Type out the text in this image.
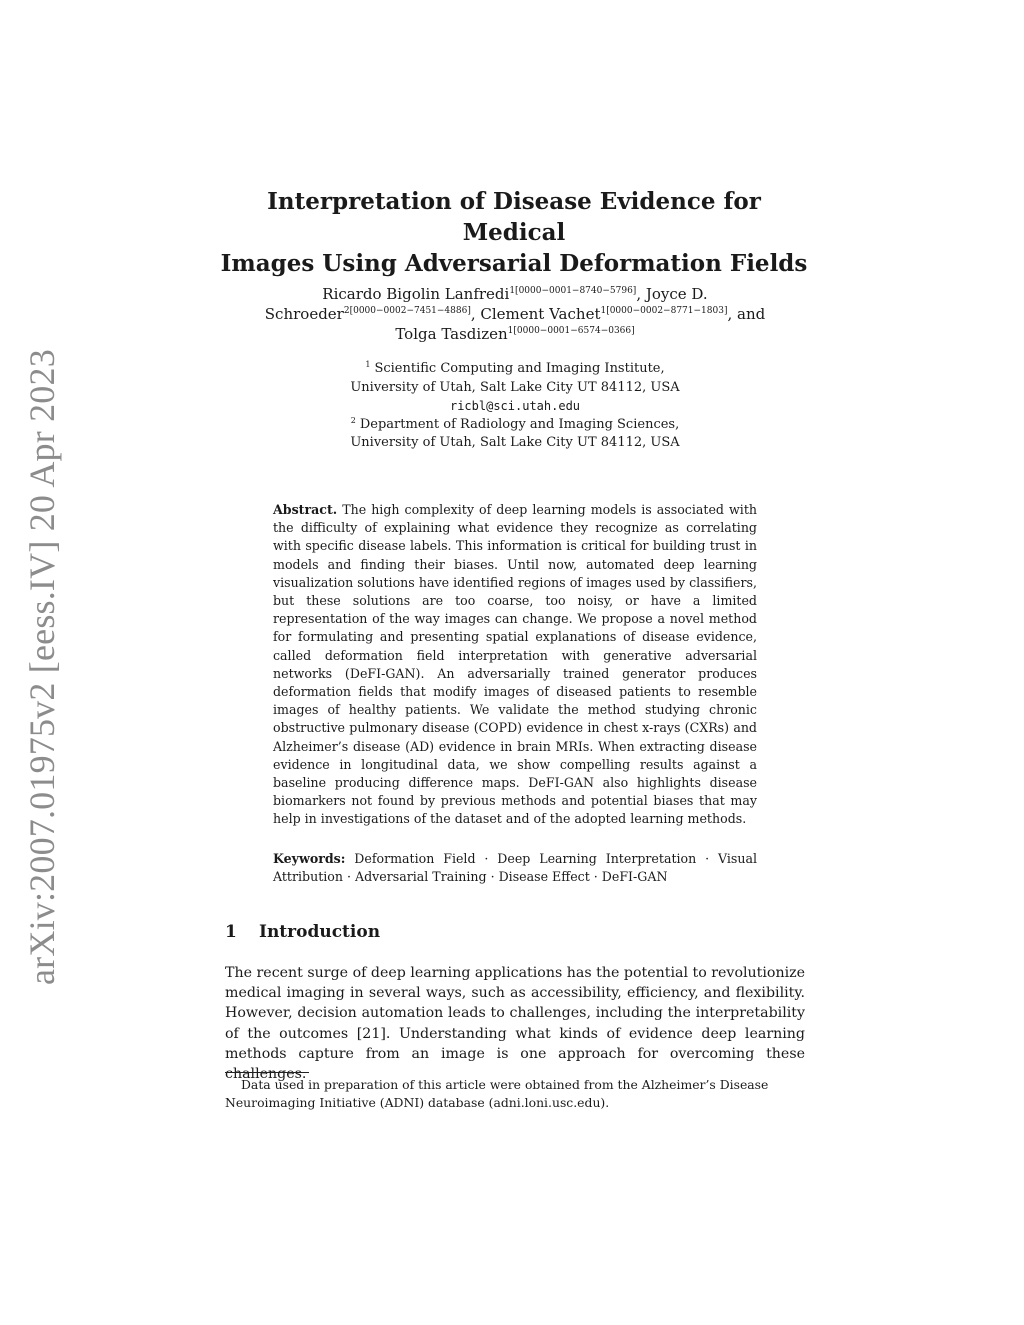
arXiv:2007.01975v2 [eess.IV] 20 Apr 2023
Interpretation of Disease Evidence for Medical
Images Using Adversarial Deformation Fields
Ricardo Bigolin Lanfredi$^{1[0000-0001-8740-5796]}$, Joyce D.
Schroeder$^{2[0000-0002-7451-4886]}$, Clement Vachet$^{1[0000-0002-8771-1803]}$, and
Tolga Tasdizen$^{1[0000-0001-6574-0366]}$
$^1$ Scientific Computing and Imaging Institute,
University of Utah, Salt Lake City UT 84112, USA
ricbl@sci.utah.edu
$^2$ Department of Radiology and Imaging Sciences,
University of Utah, Salt Lake City UT 84112, USA
Abstract. The high complexity of deep learning models is associated with the difficulty of explaining what evidence they recognize as correlating with specific disease labels. This information is critical for building trust in models and finding their biases. Until now, automated deep learning visualization solutions have identified regions of images used by classifiers, but these solutions are too coarse, too noisy, or have a limited representation of the way images can change. We propose a novel method for formulating and presenting spatial explanations of disease evidence, called deformation field interpretation with generative adversarial networks (DeFI-GAN). An adversarially trained generator produces deformation fields that modify images of diseased patients to resemble images of healthy patients. We validate the method studying chronic obstructive pulmonary disease (COPD) evidence in chest x-rays (CXRs) and Alzheimer’s disease (AD) evidence in brain MRIs. When extracting disease evidence in longitudinal data, we show compelling results against a baseline producing difference maps. DeFI-GAN also highlights disease biomarkers not found by previous methods and potential biases that may help in investigations of the dataset and of the adopted learning methods.
Keywords: Deformation Field · Deep Learning Interpretation · Visual Attribution · Adversarial Training · Disease Effect · DeFI-GAN
1 Introduction
The recent surge of deep learning applications has the potential to revolutionize medical imaging in several ways, such as accessibility, efficiency, and flexibility. However, decision automation leads to challenges, including the interpretability of the outcomes [21]. Understanding what kinds of evidence deep learning methods capture from an image is one approach for overcoming these challenges.
Data used in preparation of this article were obtained from the Alzheimer’s Disease Neuroimaging Initiative (ADNI) database (adni.loni.usc.edu).
